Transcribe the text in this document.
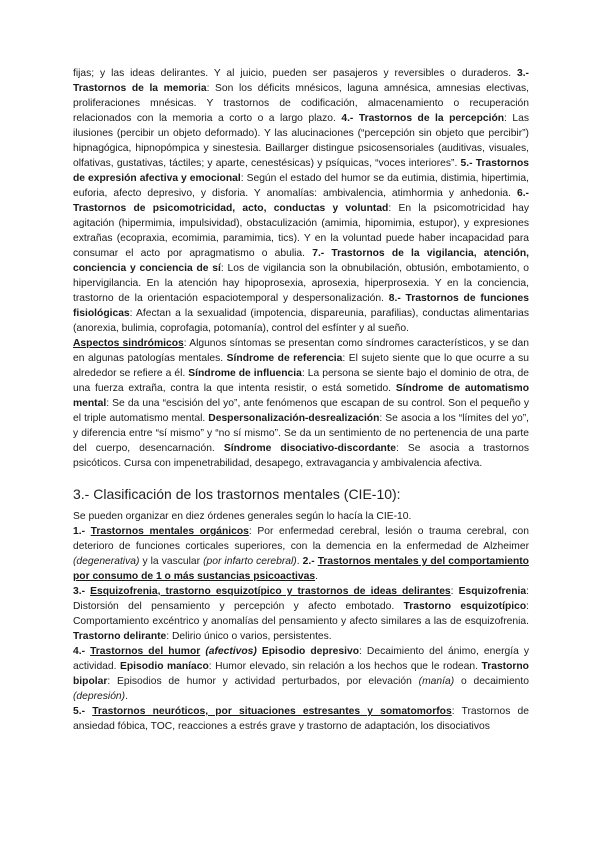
fijas; y las ideas delirantes. Y al juicio, pueden ser pasajeros y reversibles o duraderos. 3.- Trastornos de la memoria: Son los déficits mnésicos, laguna amnésica, amnesias electivas, proliferaciones mnésicas. Y trastornos de codificación, almacenamiento o recuperación relacionados con la memoria a corto o a largo plazo. 4.- Trastornos de la percepción: Las ilusiones (percibir un objeto deformado). Y las alucinaciones (“percepción sin objeto que percibir”) hipnagógica, hipnopómpica y sinestesia. Baillarger distingue psicosensoriales (auditivas, visuales, olfativas, gustativas, táctiles; y aparte, cenestésicas) y psíquicas, “voces interiores”. 5.- Trastornos de expresión afectiva y emocional: Según el estado del humor se da eutimia, distimia, hipertimia, euforia, afecto depresivo, y disforia. Y anomalías: ambivalencia, atimhormia y anhedonia. 6.- Trastornos de psicomotricidad, acto, conductas y voluntad: En la psicomotricidad hay agitación (hipermimia, impulsividad), obstaculización (amimia, hipomimia, estupor), y expresiones extrañas (ecopraxia, ecomimia, paramimia, tics). Y en la voluntad puede haber incapacidad para consumar el acto por apragmatismo o abulia. 7.- Trastornos de la vigilancia, atención, conciencia y conciencia de sí: Los de vigilancia son la obnubilación, obtusión, embotamiento, o hipervigilancia. En la atención hay hipoprosexia, aprosexia, hiperprosexia. Y en la conciencia, trastorno de la orientación espaciotemporal y despersonalización. 8.- Trastornos de funciones fisiológicas: Afectan a la sexualidad (impotencia, dispareunia, parafilias), conductas alimentarias (anorexia, bulimia, coprofagia, potomanía), control del esfínter y al sueño.

Aspectos sindrómicos: Algunos síntomas se presentan como síndromes característicos, y se dan en algunas patologías mentales. Síndrome de referencia: El sujeto siente que lo que ocurre a su alrededor se refiere a él. Síndrome de influencia: La persona se siente bajo el dominio de otra, de una fuerza extraña, contra la que intenta resistir, o está sometido. Síndrome de automatismo mental: Se da una “escisión del yo”, ante fenómenos que escapan de su control. Son el pequeño y el triple automatismo mental. Despersonalización-desrealización: Se asocia a los “límites del yo”, y diferencia entre “sí mismo” y “no sí mismo”. Se da un sentimiento de no pertenencia de una parte del cuerpo, desencarnación. Síndrome disociativo-discordante: Se asocia a trastornos psicóticos. Cursa con impenetrabilidad, desapego, extravagancia y ambivalencia afectiva.

3.- Clasificación de los trastornos mentales (CIE-10):

Se pueden organizar en diez órdenes generales según lo hacía la CIE-10.

1.- Trastornos mentales orgánicos: Por enfermedad cerebral, lesión o trauma cerebral, con deterioro de funciones corticales superiores, con la demencia en la enfermedad de Alzheimer (degenerativa) y la vascular (por infarto cerebral). 2.- Trastornos mentales y del comportamiento por consumo de 1 o más sustancias psicoactivas.

3.- Esquizofrenia, trastorno esquizotípico y trastornos de ideas delirantes: Esquizofrenia: Distorsión del pensamiento y percepción y afecto embotado. Trastorno esquizotípico: Comportamiento excéntrico y anomalías del pensamiento y afecto similares a las de esquizofrenia. Trastorno delirante: Delirio único o varios, persistentes.

4.- Trastornos del humor (afectivos) Episodio depresivo: Decaimiento del ánimo, energía y actividad. Episodio maníaco: Humor elevado, sin relación a los hechos que le rodean. Trastorno bipolar: Episodios de humor y actividad perturbados, por elevación (manía) o decaimiento (depresión).

5.- Trastornos neuróticos, por situaciones estresantes y somatomorfos: Trastornos de ansiedad fóbica, TOC, reacciones a estrés grave y trastorno de adaptación, los disociativos
